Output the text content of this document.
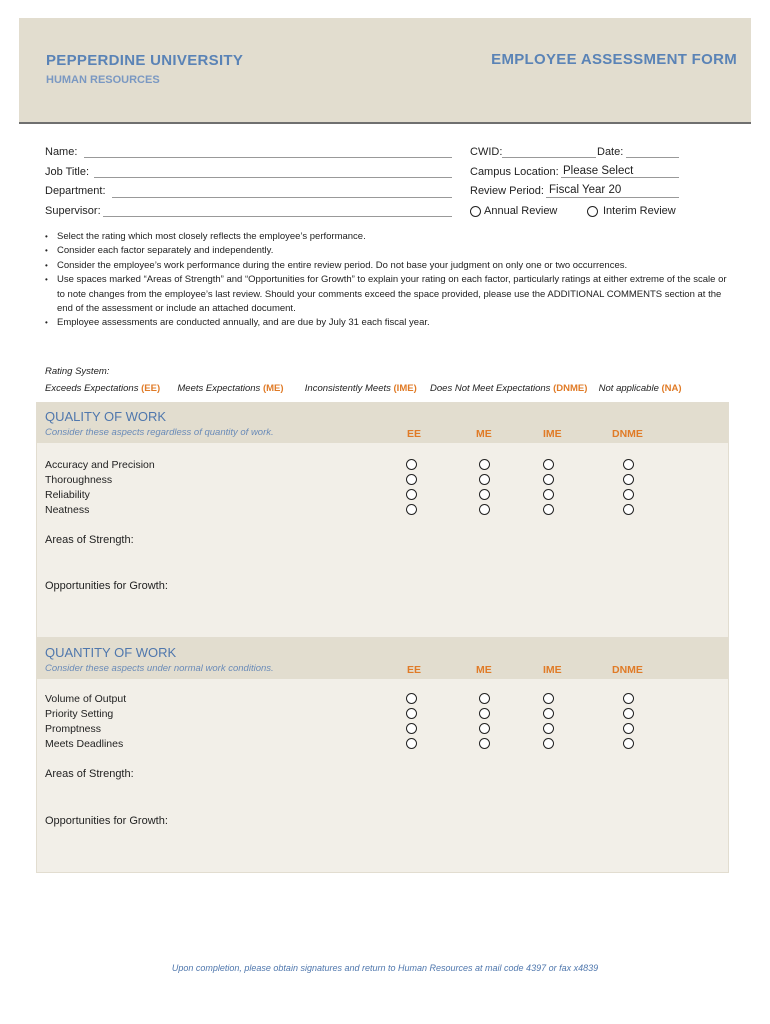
PEPPERDINE UNIVERSITY
HUMAN RESOURCES
EMPLOYEE ASSESSMENT FORM
Name:
Job Title:
Department:
Supervisor:
CWID:	Date:
Campus Location: Please Select
Review Period: Fiscal Year 20
Annual Review	Interim Review
• Select the rating which most closely reflects the employee’s performance.
• Consider each factor separately and independently.
• Consider the employee’s work performance during the entire review period. Do not base your judgment on only one or two occurrences.
• Use spaces marked “Areas of Strength” and “Opportunities for Growth” to explain your rating on each factor, particularly ratings at either extreme of the scale or to note changes from the employee’s last review. Should your comments exceed the space provided, please use the ADDITIONAL COMMENTS section at the end of the assessment or include an attached document.
• Employee assessments are conducted annually, and are due by July 31 each fiscal year.
Rating System:
Exceeds Expectations (EE) Meets Expectations (ME) Inconsistently Meets (IME) Does Not Meet Expectations (DNME) Not applicable (NA)
QUALITY OF WORK
Consider these aspects regardless of quantity of work.	EE	ME	IME	DNME
Accuracy and Precision
Thoroughness
Reliability
Neatness
Areas of Strength:
Opportunities for Growth:
QUANTITY OF WORK
Consider these aspects under normal work conditions.	EE	ME	IME	DNME
Volume of Output
Priority Setting
Promptness
Meets Deadlines
Areas of Strength:
Opportunities for Growth:
Upon completion, please obtain signatures and return to Human Resources at mail code 4397 or fax x4839
